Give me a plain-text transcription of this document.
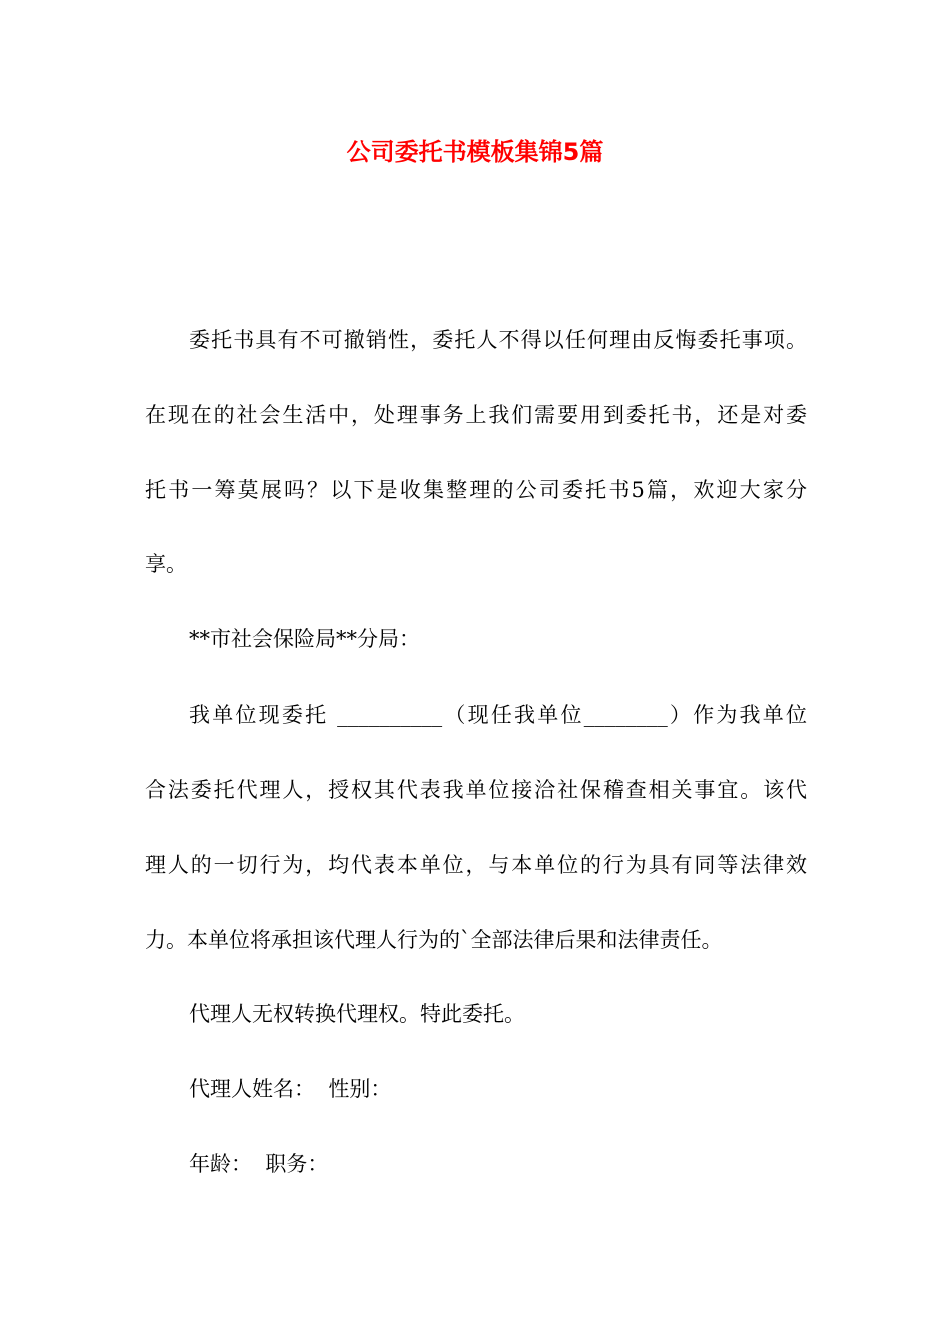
公司委托书模板集锦5篇

委托书具有不可撤销性，委托人不得以任何理由反悔委托事项。

在现在的社会生活中，处理事务上我们需要用到委托书，还是对委

托书一筹莫展吗？以下是收集整理的公司委托书5篇，欢迎大家分

享。

**市社会保险局**分局：

我单位现委托 __________（现任我单位________）作为我单位

合法委托代理人，授权其代表我单位接洽社保稽查相关事宜。该代

理人的一切行为，均代表本单位，与本单位的行为具有同等法律效

力。本单位将承担该代理人行为的`全部法律后果和法律责任。

代理人无权转换代理权。特此委托。

代理人姓名：  性别：

年龄：  职务：
